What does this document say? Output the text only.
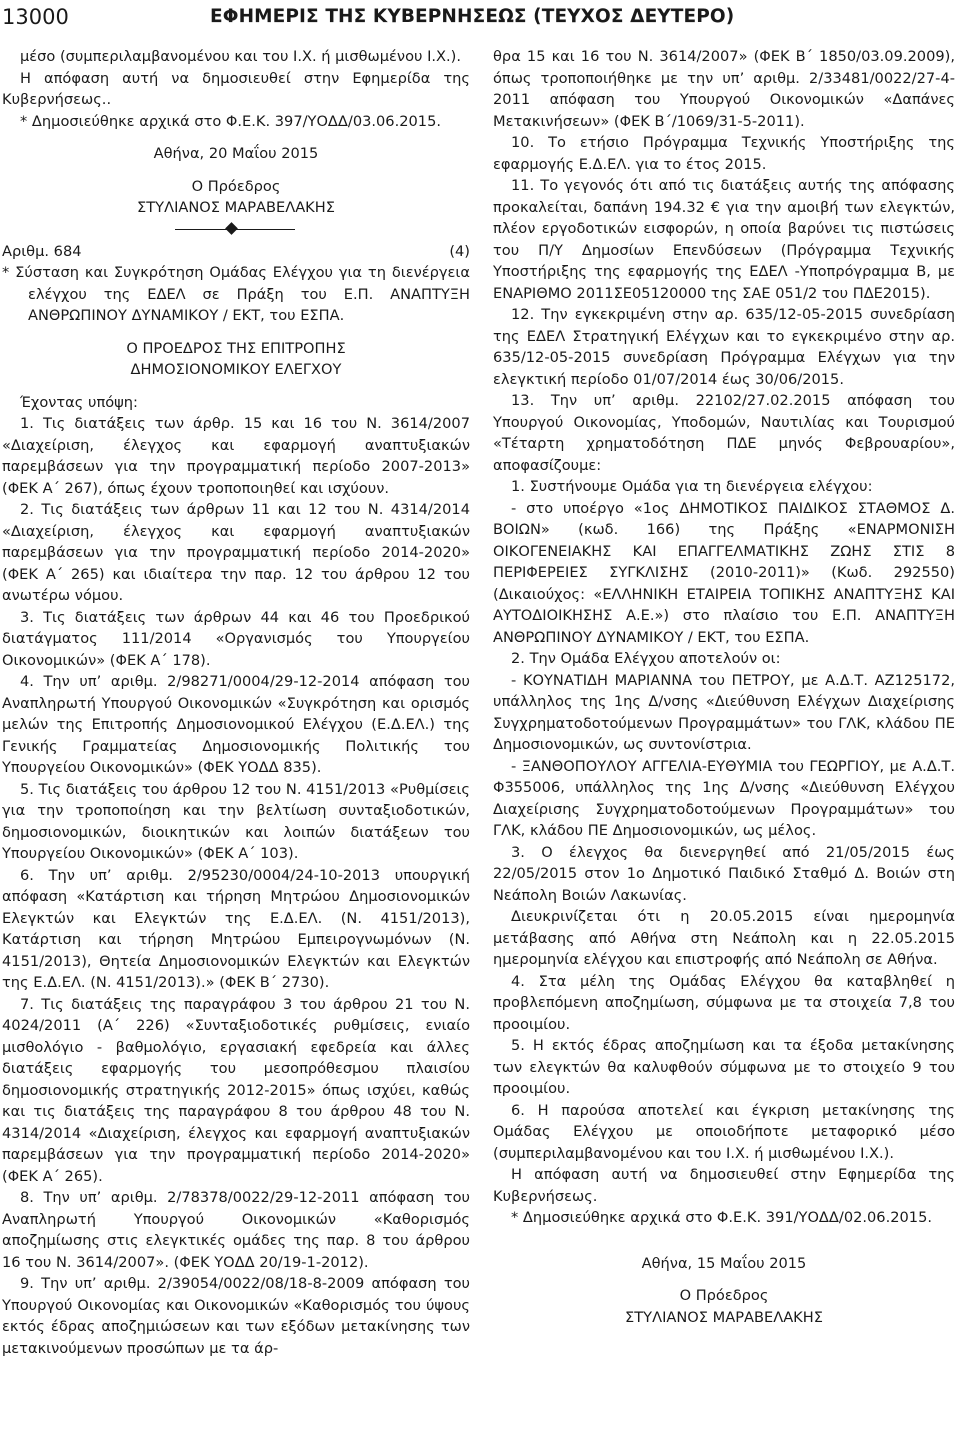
13000	ΕΦΗΜΕΡΙΣ ΤΗΣ ΚΥΒΕΡΝΗΣΕΩΣ (ΤΕΥΧΟΣ ΔΕΥΤΕΡΟ)

μέσο (συμπεριλαμβανομένου και του Ι.Χ. ή μισθωμένου Ι.Χ.).

Η απόφαση αυτή να δημοσιευθεί στην Εφημερίδα της Κυβερνήσεως..

* Δημοσιεύθηκε αρχικά στο Φ.Ε.Κ. 397/ΥΟΔΔ/03.06.2015.

Αθήνα, 20 Μαΐου 2015

Ο Πρόεδρος

ΣΤΥΛΙΑΝΟΣ ΜΑΡΑΒΕΛΑΚΗΣ

Αριθμ. 684	(4)

* Σύσταση και Συγκρότηση Ομάδας Ελέγχου για τη διενέργεια ελέγχου της ΕΔΕΛ σε Πράξη του Ε.Π. ΑΝΑΠΤΥΞΗ ΑΝΘΡΩΠΙΝΟΥ ΔΥΝΑΜΙΚΟΥ / ΕΚΤ, του ΕΣΠΑ.

Ο ΠΡΟΕΔΡΟΣ ΤΗΣ ΕΠΙΤΡΟΠΗΣ

ΔΗΜΟΣΙΟΝΟΜΙΚΟΥ ΕΛΕΓΧΟΥ

Έχοντας υπόψη:

1. Τις διατάξεις των άρθρ. 15 και 16 του Ν. 3614/2007 «Διαχείριση, έλεγχος και εφαρμογή αναπτυξιακών παρεμβάσεων για την προγραμματική περίοδο 2007-2013» (ΦΕΚ Α΄ 267), όπως έχουν τροποποιηθεί και ισχύουν.

2. Τις διατάξεις των άρθρων 11 και 12 του Ν. 4314/2014 «Διαχείριση, έλεγχος και εφαρμογή αναπτυξιακών παρεμβάσεων για την προγραμματική περίοδο 2014-2020» (ΦΕΚ Α΄ 265) και ιδιαίτερα την παρ. 12 του άρθρου 12 του ανωτέρω νόμου.

3. Τις διατάξεις των άρθρων 44 και 46 του Προεδρικού διατάγματος 111/2014 «Οργανισμός του Υπουργείου Οικονομικών» (ΦΕΚ Α΄ 178).

4. Την υπ’ αριθμ. 2/98271/0004/29-12-2014 απόφαση του Αναπληρωτή Υπουργού Οικονομικών «Συγκρότηση και ορισμός μελών της Επιτροπής Δημοσιονομικού Ελέγχου (Ε.Δ.ΕΛ.) της Γενικής Γραμματείας Δημοσιονομικής Πολιτικής του Υπουργείου Οικονομικών» (ΦΕΚ ΥΟΔΔ 835).

5. Τις διατάξεις του άρθρου 12 του Ν. 4151/2013 «Ρυθμίσεις για την τροποποίηση και την βελτίωση συνταξιοδοτικών, δημοσιονομικών, διοικητικών και λοιπών διατάξεων του Υπουργείου Οικονομικών» (ΦΕΚ Α΄ 103).

6. Την υπ’ αριθμ. 2/95230/0004/24-10-2013 υπουργική απόφαση «Κατάρτιση και τήρηση Μητρώου Δημοσιονομικών Ελεγκτών και Ελεγκτών της Ε.Δ.ΕΛ. (Ν. 4151/2013), Κατάρτιση και τήρηση Μητρώου Εμπειρογνωμόνων (Ν. 4151/2013), Θητεία Δημοσιονομικών Ελεγκτών και Ελεγκτών της Ε.Δ.ΕΛ. (Ν. 4151/2013).» (ΦΕΚ Β΄ 2730).

7. Τις διατάξεις της παραγράφου 3 του άρθρου 21 του Ν. 4024/2011 (Α΄ 226) «Συνταξιοδοτικές ρυθμίσεις, ενιαίο μισθολόγιο - βαθμολόγιο, εργασιακή εφεδρεία και άλλες διατάξεις εφαρμογής του μεσοπρόθεσμου πλαισίου δημοσιονομικής στρατηγικής 2012-2015» όπως ισχύει, καθώς και τις διατάξεις της παραγράφου 8 του άρθρου 48 του Ν. 4314/2014 «Διαχείριση, έλεγχος και εφαρμογή αναπτυξιακών παρεμβάσεων για την προγραμματική περίοδο 2014-2020» (ΦΕΚ Α΄ 265).

8. Την υπ’ αριθμ. 2/78378/0022/29-12-2011 απόφαση του Αναπληρωτή Υπουργού Οικονομικών «Καθορισμός αποζημίωσης στις ελεγκτικές ομάδες της παρ. 8 του άρθρου 16 του Ν. 3614/2007». (ΦΕΚ ΥΟΔΔ 20/19-1-2012).

9. Την υπ’ αριθμ. 2/39054/0022/08/18-8-2009 απόφαση του Υπουργού Οικονομίας και Οικονομικών «Καθορισμός του ύψους εκτός έδρας αποζημιώσεων και των εξόδων μετακίνησης των μετακινούμενων προσώπων με τα άρ-

θρα 15 και 16 του Ν. 3614/2007» (ΦΕΚ Β΄ 1850/03.09.2009), όπως τροποποιήθηκε με την υπ’ αριθμ. 2/33481/0022/27-4-2011 απόφαση του Υπουργού Οικονομικών «Δαπάνες Μετακινήσεων» (ΦΕΚ Β΄/1069/31-5-2011).

10. Το ετήσιο Πρόγραμμα Τεχνικής Υποστήριξης της εφαρμογής Ε.Δ.ΕΛ. για το έτος 2015.

11. Το γεγονός ότι από τις διατάξεις αυτής της απόφασης προκαλείται, δαπάνη 194.32 € για την αμοιβή των ελεγκτών, πλέον εργοδοτικών εισφορών, η οποία βαρύνει τις πιστώσεις του Π/Υ Δημοσίων Επενδύσεων (Πρόγραμμα Τεχνικής Υποστήριξης της εφαρμογής της ΕΔΕΛ -Υποπρόγραμμα Β, με ΕΝΑΡΙΘΜΟ 2011ΣΕ05120000 της ΣΑΕ 051/2 του ΠΔΕ2015).

12. Την εγκεκριμένη στην αρ. 635/12-05-2015 συνεδρίαση της ΕΔΕΛ Στρατηγική Ελέγχων και το εγκεκριμένο στην αρ. 635/12-05-2015 συνεδρίαση Πρόγραμμα Ελέγχων για την ελεγκτική περίοδο 01/07/2014 έως 30/06/2015.

13. Την υπ’ αριθμ. 22102/27.02.2015 απόφαση του Υπουργού Οικονομίας, Υποδομών, Ναυτιλίας και Τουρισμού «Τέταρτη χρηματοδότηση ΠΔΕ μηνός Φεβρουαρίου», αποφασίζουμε:

1. Συστήνουμε Ομάδα για τη διενέργεια ελέγχου:

- στο υποέργο «1ος ΔΗΜΟΤΙΚΟΣ ΠΑΙΔΙΚΟΣ ΣΤΑΘΜΟΣ Δ. ΒΟΙΩΝ» (κωδ. 166) της Πράξης «ΕΝΑΡΜΟΝΙΣΗ ΟΙΚΟΓΕΝΕΙΑΚΗΣ ΚΑΙ ΕΠΑΓΓΕΛΜΑΤΙΚΗΣ ΖΩΗΣ ΣΤΙΣ 8 ΠΕΡΙΦΕΡΕΙΕΣ ΣΥΓΚΛΙΣΗΣ (2010-2011)» (Κωδ. 292550) (Δικαιούχος: «ΕΛΛΗΝΙΚΗ ΕΤΑΙΡΕΙΑ ΤΟΠΙΚΗΣ ΑΝΑΠΤΥΞΗΣ ΚΑΙ ΑΥΤΟΔΙΟΙΚΗΣΗΣ Α.Ε.») στο πλαίσιο του Ε.Π. ΑΝΑΠΤΥΞΗ ΑΝΘΡΩΠΙΝΟΥ ΔΥΝΑΜΙΚΟΥ / ΕΚΤ, του ΕΣΠΑ.

2. Την Ομάδα Ελέγχου αποτελούν οι:

- ΚΟΥΝΑΤΙΔΗ ΜΑΡΙΑΝΝΑ του ΠΕΤΡΟΥ, με Α.Δ.Τ. ΑΖ125172, υπάλληλος της 1ης Δ/νσης «Διεύθυνση Ελέγχων Διαχείρισης Συγχρηματοδοτούμενων Προγραμμάτων» του ΓΛΚ, κλάδου ΠΕ Δημοσιονομικών, ως συντονίστρια.

- ΞΑΝΘΟΠΟΥΛΟΥ ΑΓΓΕΛΙΑ-ΕΥΘΥΜΙΑ του ΓΕΩΡΓΙΟΥ, με Α.Δ.Τ. Φ355006, υπάλληλος της 1ης Δ/νσης «Διεύθυνση Ελέγχου Διαχείρισης Συγχρηματοδοτούμενων Προγραμμάτων» του ΓΛΚ, κλάδου ΠΕ Δημοσιονομικών, ως μέλος.

3. Ο έλεγχος θα διενεργηθεί από 21/05/2015 έως 22/05/2015 στον 1ο Δημοτικό Παιδικό Σταθμό Δ. Βοιών στη Νεάπολη Βοιών Λακωνίας.

Διευκρινίζεται ότι η 20.05.2015 είναι ημερομηνία μετάβασης από Αθήνα στη Νεάπολη και η 22.05.2015 ημερομηνία ελέγχου και επιστροφής από Νεάπολη σε Αθήνα.

4. Στα μέλη της Ομάδας Ελέγχου θα καταβληθεί η προβλεπόμενη αποζημίωση, σύμφωνα με τα στοιχεία 7,8 του προοιμίου.

5. Η εκτός έδρας αποζημίωση και τα έξοδα μετακίνησης των ελεγκτών θα καλυφθούν σύμφωνα με το στοιχείο 9 του προοιμίου.

6. Η παρούσα αποτελεί και έγκριση μετακίνησης της Ομάδας Ελέγχου με οποιοδήποτε μεταφορικό μέσο (συμπεριλαμβανομένου και του Ι.Χ. ή μισθωμένου Ι.Χ.).

Η απόφαση αυτή να δημοσιευθεί στην Εφημερίδα της Κυβερνήσεως.

* Δημοσιεύθηκε αρχικά στο Φ.Ε.Κ. 391/ΥΟΔΔ/02.06.2015.

Αθήνα, 15 Μαΐου 2015

Ο Πρόεδρος

ΣΤΥΛΙΑΝΟΣ ΜΑΡΑΒΕΛΑΚΗΣ
